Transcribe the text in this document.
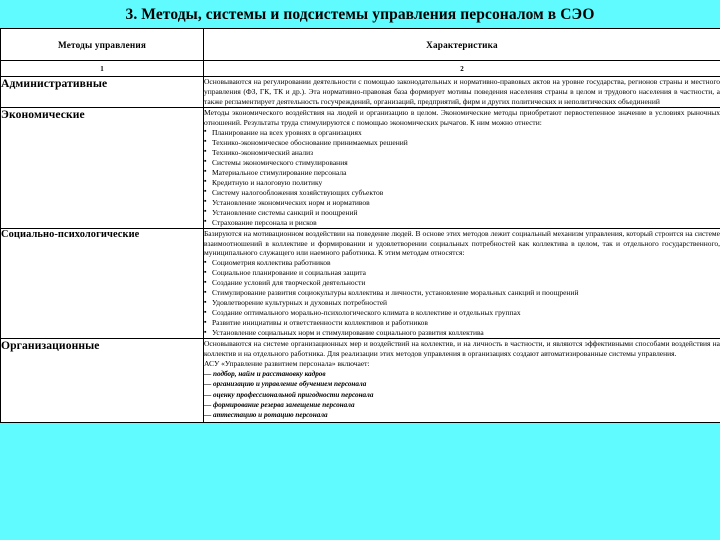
3. Методы, системы и подсистемы управления персоналом в СЭО
Методы управления	Характеристика
1	2
Административные	Основываются на регулировании деятельности с помощью законодательных и нормативно-правовых актов на уровне государства, регионов страны и местного управления (ФЗ, ГК, ТК и др.). Эта нормативно-правовая база формирует мотивы поведения населения страны в целом и трудового населения в частности, а также регламентирует деятельность госучреждений, организаций, предприятий, фирм и других политических и неполитических объединений

Экономические	Методы экономического воздействия на людей и организацию в целом. Экономические методы приобретают первостепенное значение в условиях рыночных отношений. Результаты труда стимулируются с помощью экономических рычагов. К ним можно отнести:

▪ Планирование на всех уровнях в организациях
▪ Технико-экономическое обоснование принимаемых решений
▪ Технико-экономический анализ
▪ Системы экономического стимулирования
▪ Материальное стимулирование персонала
▪ Кредитную и налоговую политику
▪ Систему налогообложения хозяйствующих субъектов
▪ Установление экономических норм и нормативов
▪ Установление системы санкций и поощрений
▪ Страхование персонала и рисков

Социально-психологические	Базируются на мотивационном воздействии на поведение людей. В основе этих методов лежит социальный механизм управления, который строится на системе взаимоотношений в коллективе и формировании и удовлетворении социальных потребностей как коллектива в целом, так и отдельного государственного, муниципального служащего или наемного работника. К этим методам относятся:

▪ Социометрия коллектива работников
▪ Социальное планирование и социальная защита
▪ Создание условий для творческой деятельности
▪ Стимулирование развития социокультуры коллектива и личности, установление моральных санкций и поощрений
▪ Удовлетворение культурных и духовных потребностей
▪ Создание оптимального морально-психологического климата в коллективе и отдельных группах
▪ Развитие инициативы и ответственности коллективов и работников
▪ Установление социальных норм и стимулирование социального развития коллектива

Организационные	Основываются на системе организационных мер и воздействий на коллектив, и на личность в частности, и являются эффективными способами воздействия на коллектив и на отдельного работника. Для реализации этих методов управления в организациях создают автоматизированные системы управления.

АСУ «Управление развитием персонала» включает:

— подбор, найм и расстановку кадров
— организацию и управление обучением персонала
— оценку профессиональной пригодности персонала
— формирование резерва замещение персонала
— аттестацию и ротацию персонала
